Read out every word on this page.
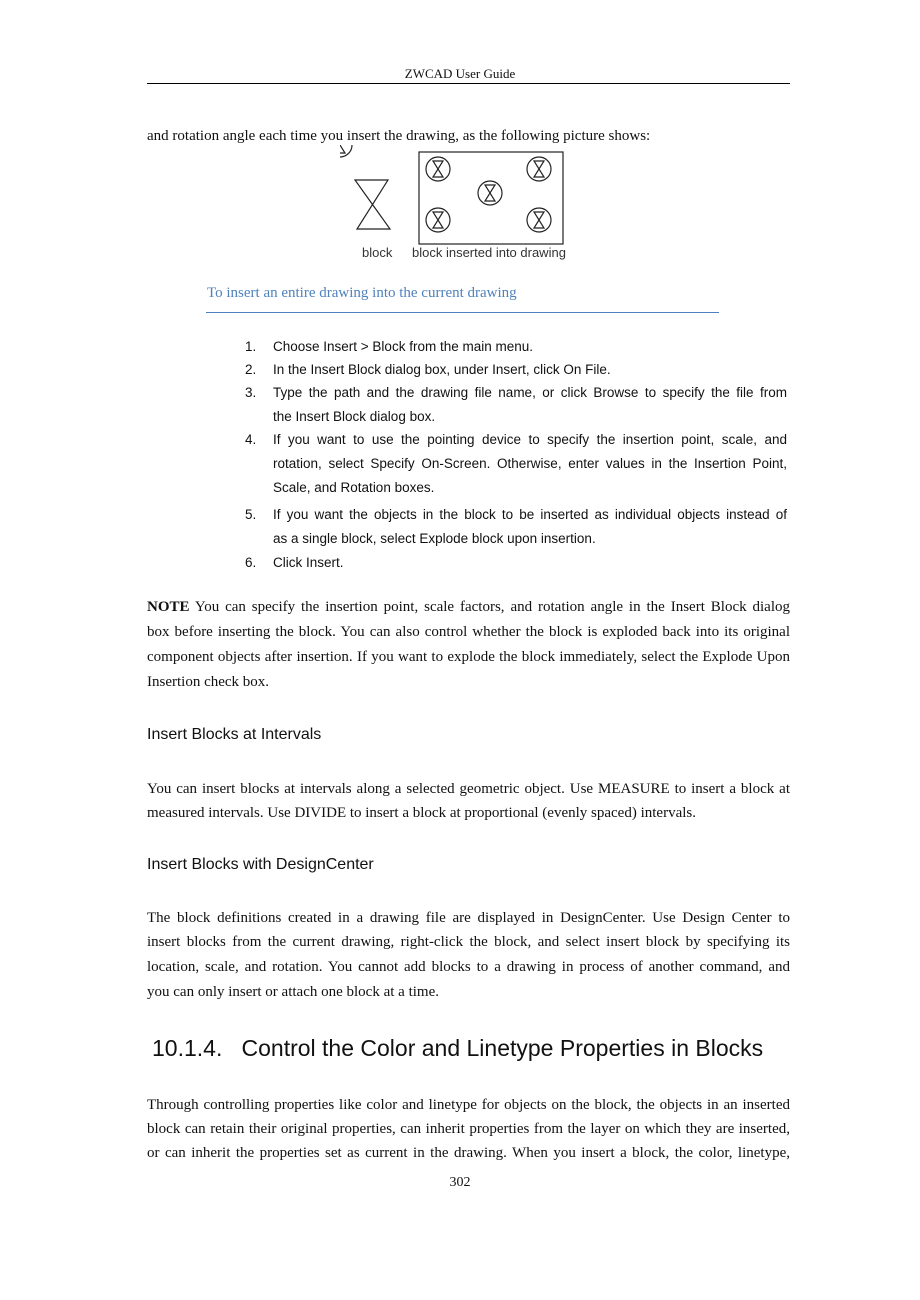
ZWCAD User Guide
and rotation angle each time you insert the drawing, as the following picture shows:
block block inserted into drawing
To insert an entire drawing into the current drawing
1. Choose Insert > Block from the main menu.
2. In the Insert Block dialog box, under Insert, click On File.
3. Type the path and the drawing file name, or click Browse to specify the file from
the Insert Block dialog box.
4. If you want to use the pointing device to specify the insertion point, scale, and
rotation, select Specify On-Screen. Otherwise, enter values in the Insertion Point,
Scale, and Rotation boxes.
5. If you want the objects in the block to be inserted as individual objects instead of
as a single block, select Explode block upon insertion.
6. Click Insert.
NOTE You can specify the insertion point, scale factors, and rotation angle in the Insert Block dialog
box before inserting the block. You can also control whether the block is exploded back into its original
component objects after insertion. If you want to explode the block immediately, select the Explode Upon
Insertion check box.
Insert Blocks at Intervals
You can insert blocks at intervals along a selected geometric object. Use MEASURE to insert a block at
measured intervals. Use DIVIDE to insert a block at proportional (evenly spaced) intervals.
Insert Blocks with DesignCenter
The block definitions created in a drawing file are displayed in DesignCenter. Use Design Center to
insert blocks from the current drawing, right-click the block, and select insert block by specifying its
location, scale, and rotation. You cannot add blocks to a drawing in process of another command, and
you can only insert or attach one block at a time.
10.1.4.   Control the Color and Linetype Properties in Blocks
Through controlling properties like color and linetype for objects on the block, the objects in an inserted
block can retain their original properties, can inherit properties from the layer on which they are inserted,
or can inherit the properties set as current in the drawing. When you insert a block, the color, linetype,
302
